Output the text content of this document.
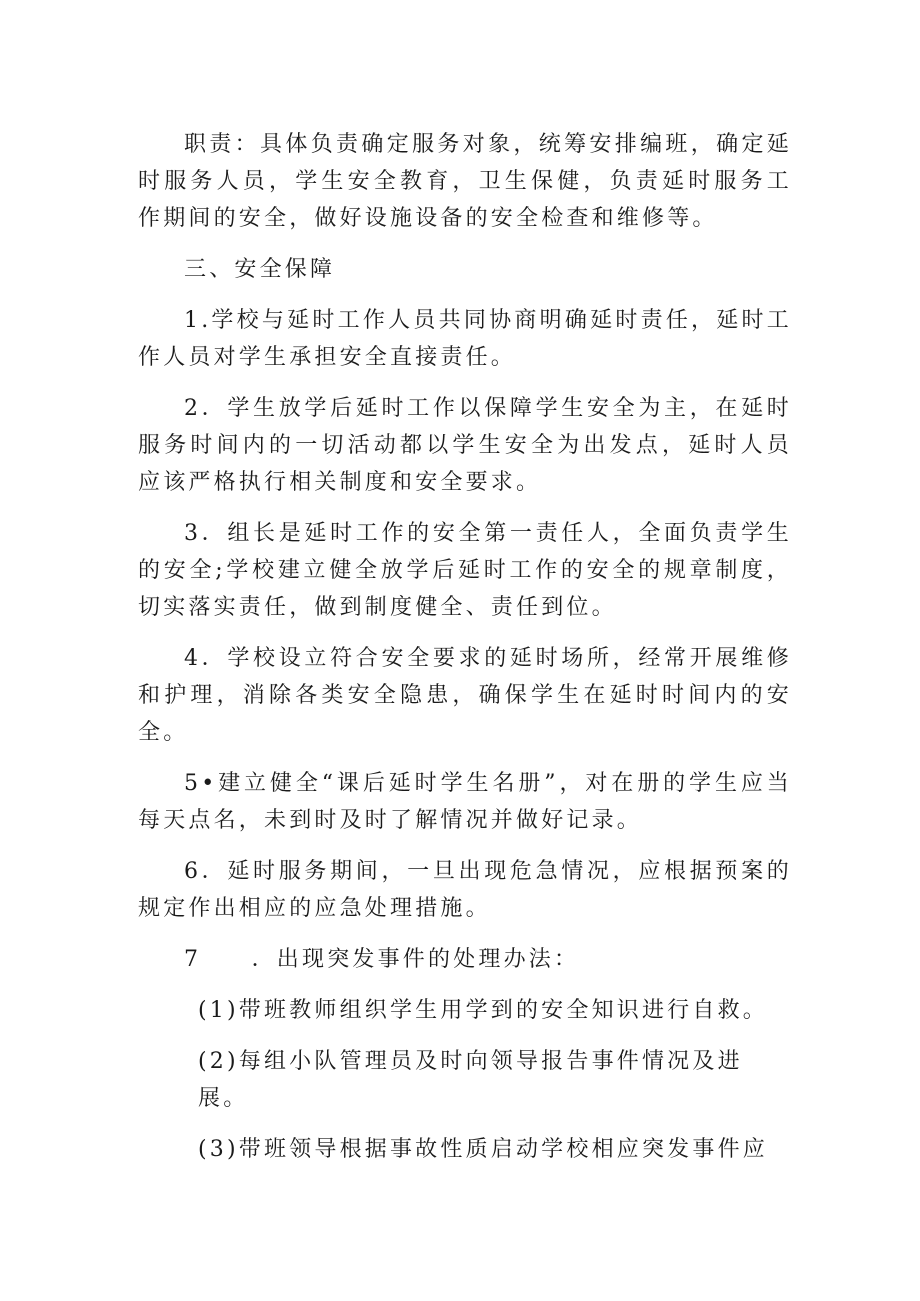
职责：具体负责确定服务对象，统筹安排编班，确定延时服务人员，学生安全教育，卫生保健，负责延时服务工作期间的安全，做好设施设备的安全检查和维修等。

三、安全保障

1.学校与延时工作人员共同协商明确延时责任，延时工作人员对学生承担安全直接责任。

2．学生放学后延时工作以保障学生安全为主，在延时服务时间内的一切活动都以学生安全为出发点，延时人员应该严格执行相关制度和安全要求。

3．组长是延时工作的安全第一责任人，全面负责学生的安全;学校建立健全放学后延时工作的安全的规章制度，切实落实责任，做到制度健全、责任到位。

4．学校设立符合安全要求的延时场所，经常开展维修和护理，消除各类安全隐患，确保学生在延时时间内的安全。

5•建立健全“课后延时学生名册”，对在册的学生应当每天点名，未到时及时了解情况并做好记录。

6．延时服务期间，一旦出现危急情况，应根据预案的规定作出相应的应急处理措施。

7　　．出现突发事件的处理办法：

(1)带班教师组织学生用学到的安全知识进行自救。

(2)每组小队管理员及时向领导报告事件情况及进展。

(3)带班领导根据事故性质启动学校相应突发事件应
